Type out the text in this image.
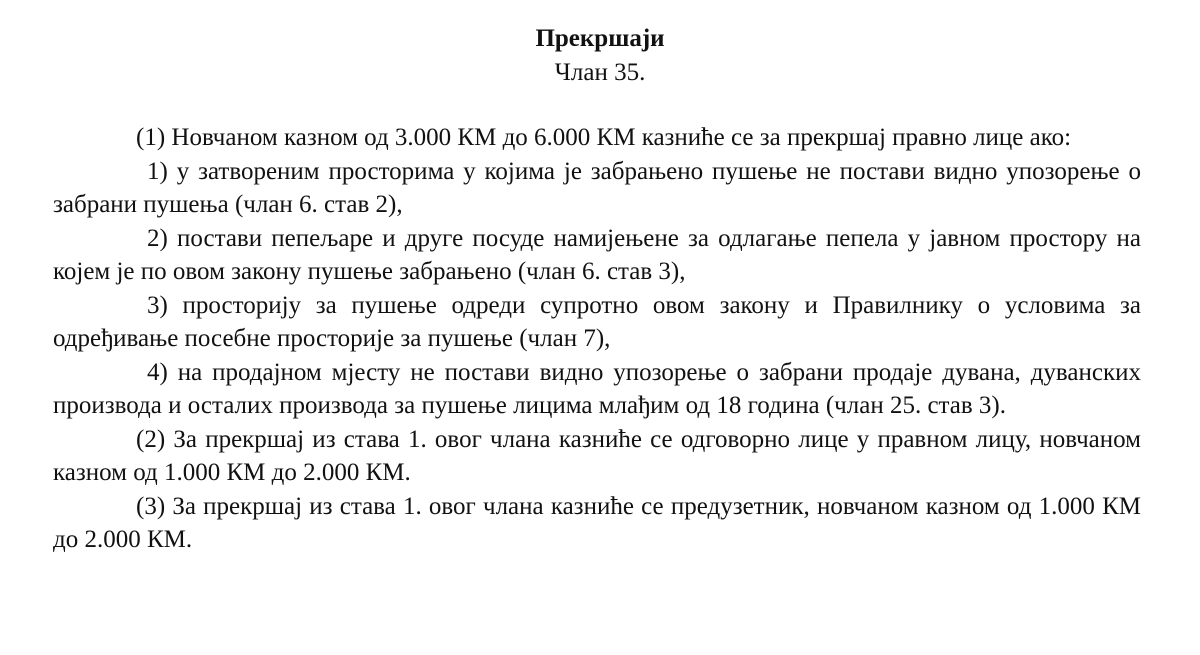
Прекршаји
Члан 35.

(1) Новчаном казном од 3.000 КМ до 6.000 КМ казниће се за прекршај правно лице ако:

1) у затвореним просторима у којима је забрањено пушење не постави видно упозорење о забрани пушења (члан 6. став 2),

2) постави пепељаре и друге посуде намијењене за одлагање пепела у јавном простору на којем је по овом закону пушење забрањено (члан 6. став 3),

3) просторију за пушење одреди супротно овом закону и Правилнику о условима за одређивање посебне просторије за пушење (члан 7),

4) на продајном мјесту не постави видно упозорење о забрани продаје дувана, дуванских производа и осталих производа за пушење лицима млађим од 18 година (члан 25. став 3).

(2) За прекршај из става 1. овог члана казниће се одговорно лице у правном лицу, новчаном казном од 1.000 КМ до 2.000 КМ.

(3) За прекршај из става 1. овог члана казниће се предузетник, новчаном казном од 1.000 КМ до 2.000 КМ.
